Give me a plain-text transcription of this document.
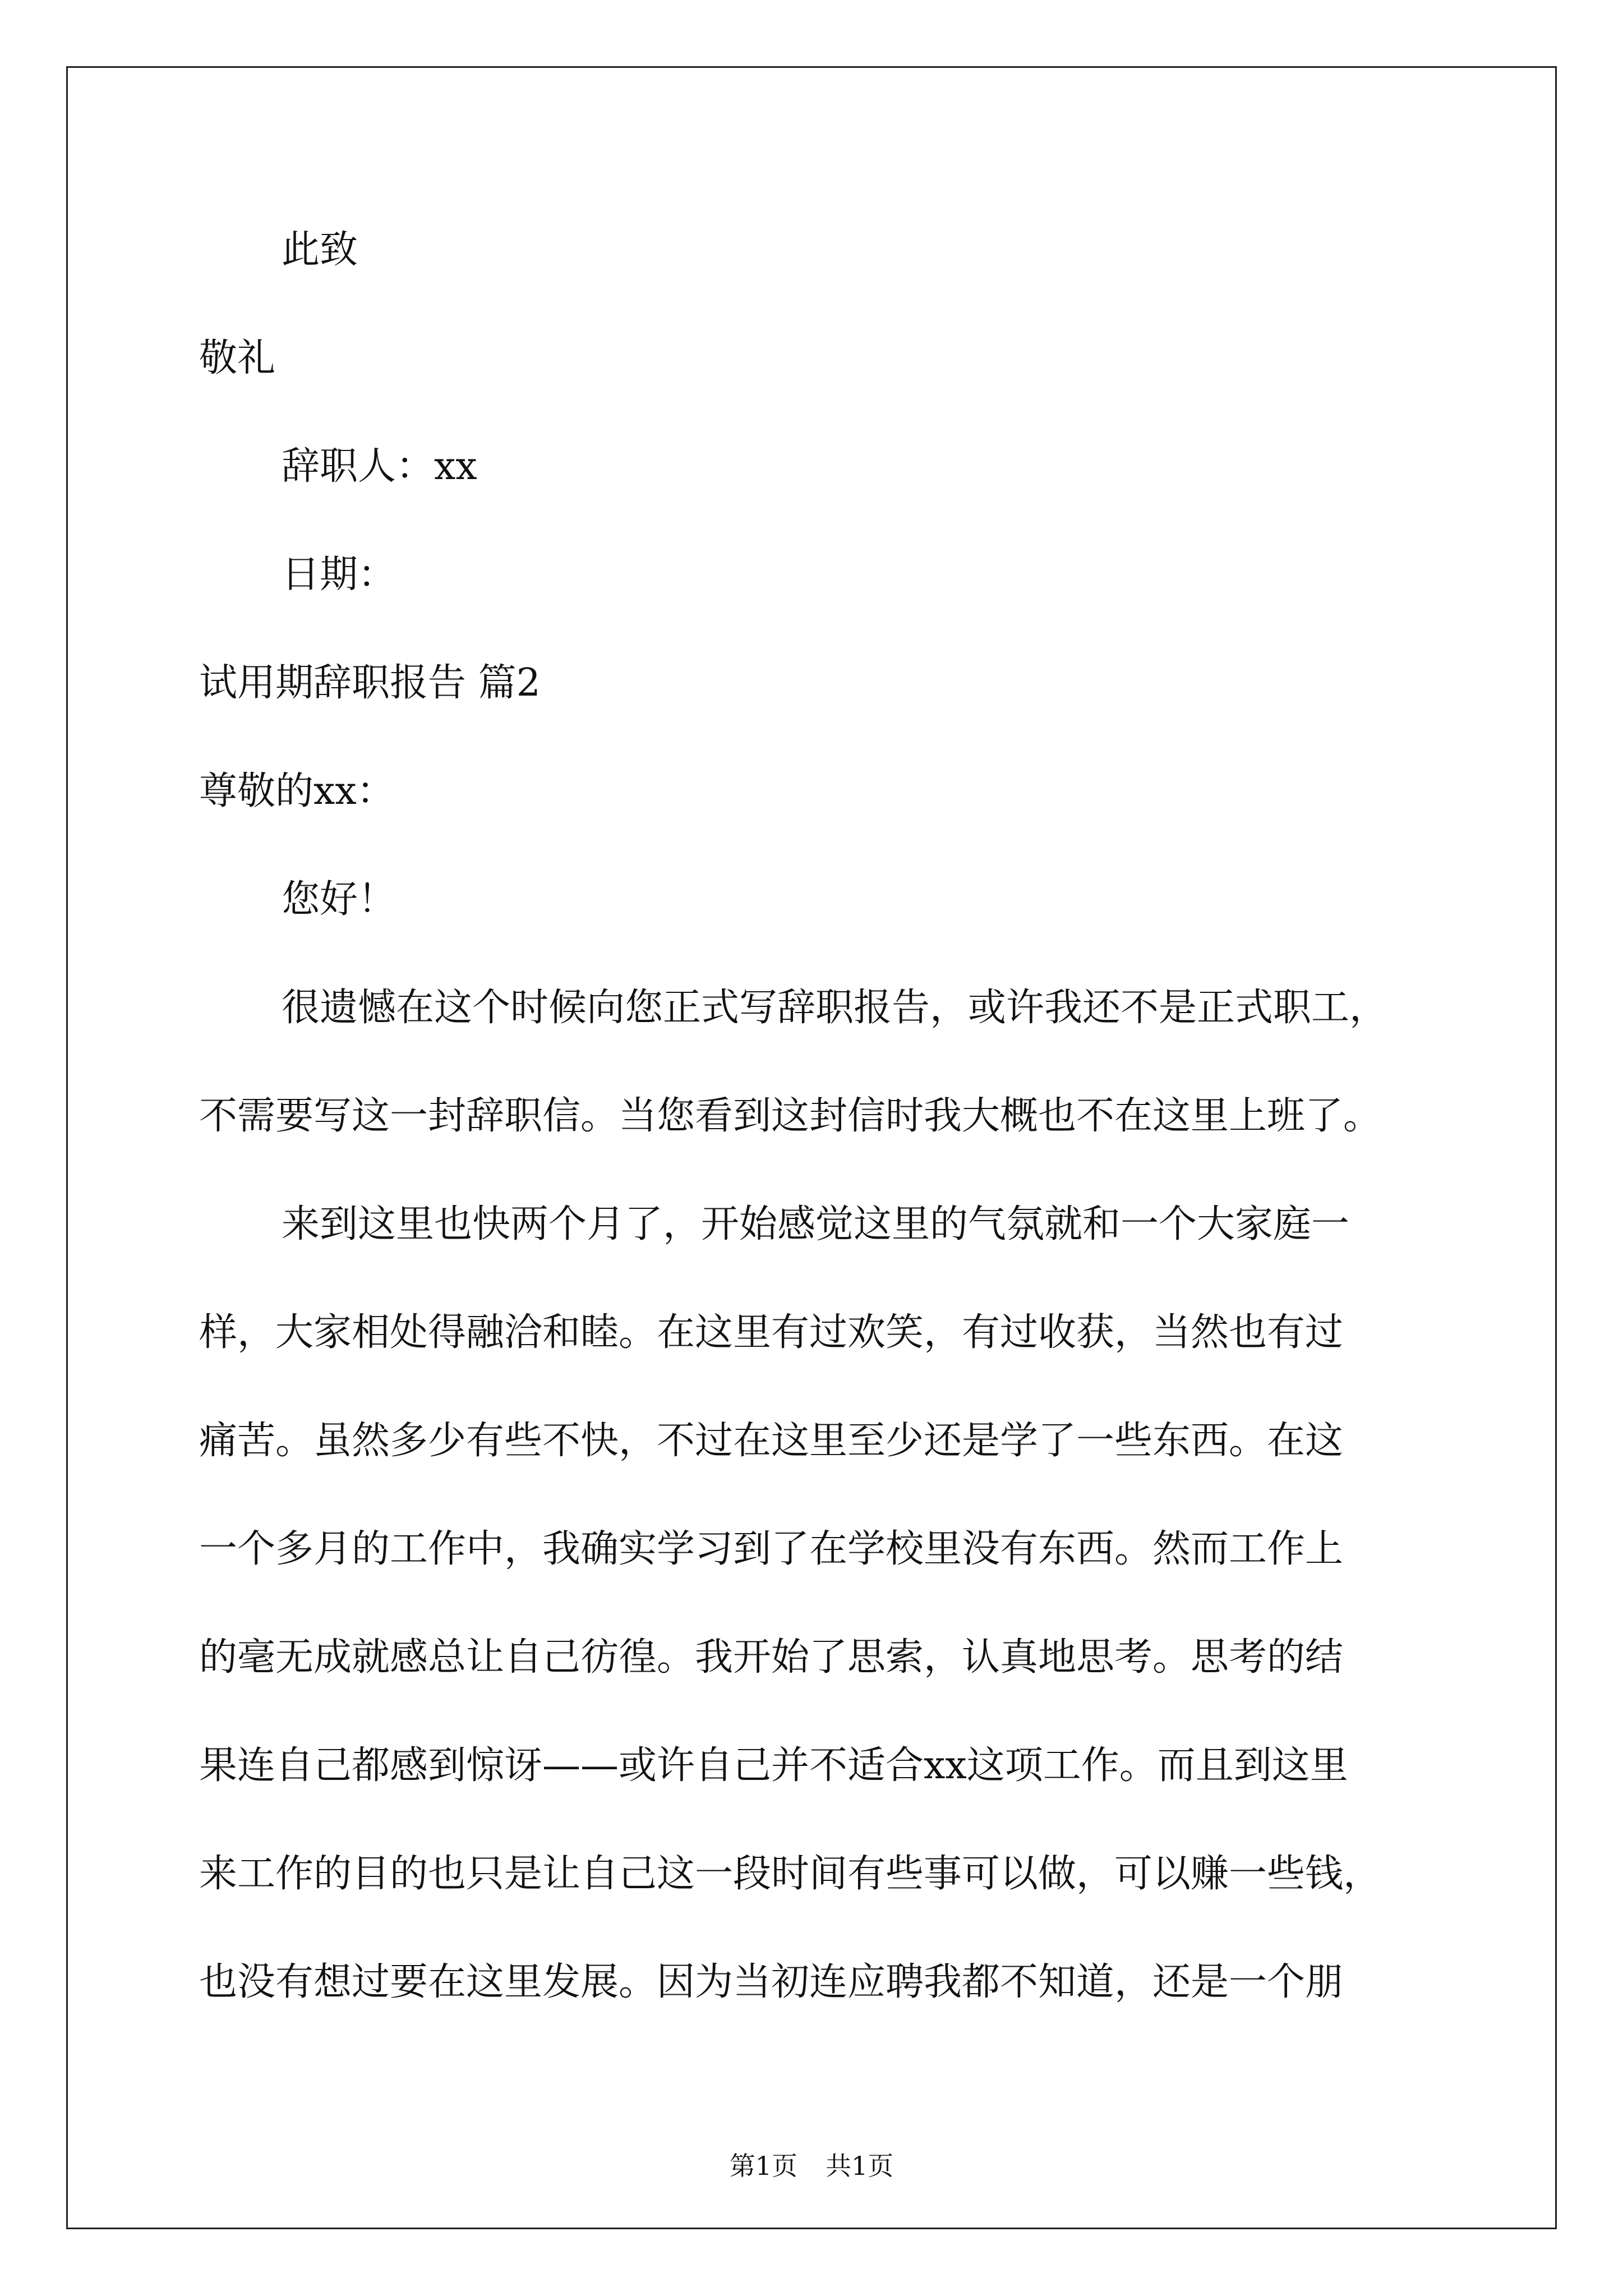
此致
敬礼
辞职人：xx
日期：
试用期辞职报告 篇2
尊敬的xx：
您好！
很遗憾在这个时候向您正式写辞职报告，或许我还不是正式职工，
不需要写这一封辞职信。当您看到这封信时我大概也不在这里上班了。
来到这里也快两个月了，开始感觉这里的气氛就和一个大家庭一
样，大家相处得融洽和睦。在这里有过欢笑，有过收获，当然也有过
痛苦。虽然多少有些不快，不过在这里至少还是学了一些东西。在这
一个多月的工作中，我确实学习到了在学校里没有东西。然而工作上
的毫无成就感总让自己彷徨。我开始了思索，认真地思考。思考的结
果连自己都感到惊讶——或许自己并不适合xx这项工作。而且到这里
来工作的目的也只是让自己这一段时间有些事可以做，可以赚一些钱，
也没有想过要在这里发展。因为当初连应聘我都不知道，还是一个朋
第1页 共1页
